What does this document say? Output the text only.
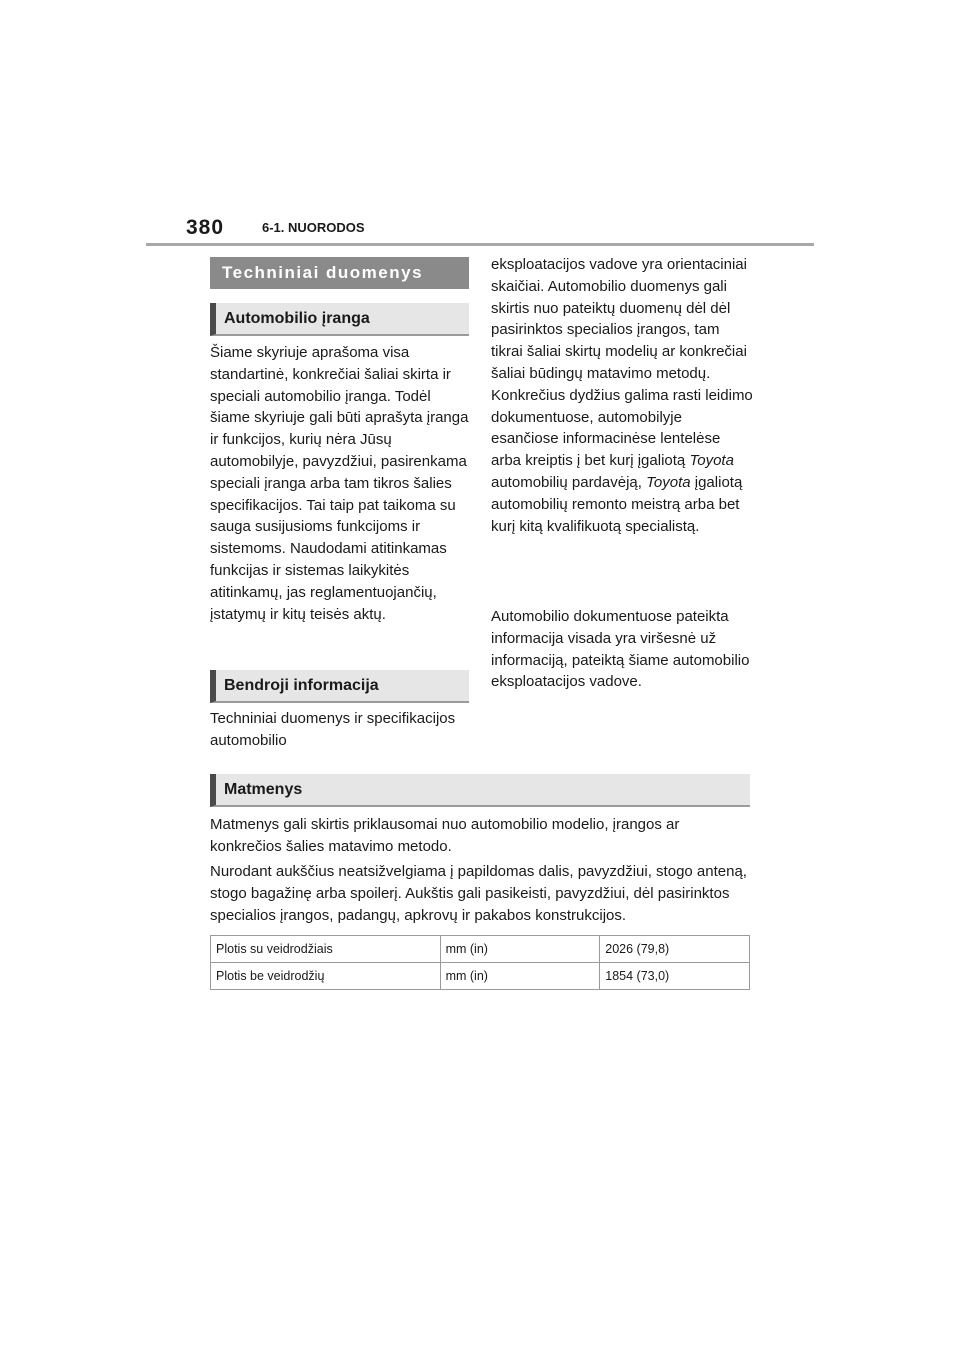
380	6-1. NUORODOS
Techniniai duomenys
Automobilio įranga

Šiame skyriuje aprašoma visa standartinė, konkrečiai šaliai skirta ir speciali automobilio įranga. Todėl šiame skyriuje gali būti aprašyta įranga ir funkcijos, kurių nėra Jūsų automobilyje, pavyzdžiui, pasirenkama speciali įranga arba tam tikros šalies specifikacijos. Tai taip pat taikoma su sauga susijusioms funkcijoms ir sistemoms. Naudodami atitinkamas funkcijas ir sistemas laikykitės atitinkamų, jas reglamentuojančių, įstatymų ir kitų teisės aktų.

Bendroji informacija

Techniniai duomenys ir specifikacijos automobilio

eksploatacijos vadove yra orientaciniai skaičiai. Automobilio duomenys gali skirtis nuo pateiktų duomenų dėl dėl pasirinktos specialios įrangos, tam tikrai šaliai skirtų modelių ar konkrečiai šaliai būdingų matavimo metodų. Konkrečius dydžius galima rasti leidimo dokumentuose, automobilyje esančiose informacinėse lentelėse arba kreiptis į bet kurį įgaliotą Toyota automobilių pardavėją, Toyota įgaliotą automobilių remonto meistrą arba bet kurį kitą kvalifikuotą specialistą.

Automobilio dokumentuose pateikta informacija visada yra viršesnė už informaciją, pateiktą šiame automobilio eksploatacijos vadove.

Matmenys

Matmenys gali skirtis priklausomai nuo automobilio modelio, įrangos ar konkrečios šalies matavimo metodo.

Nurodant aukščius neatsižvelgiama į papildomas dalis, pavyzdžiui, stogo anteną, stogo bagažinę arba spoilerį. Aukštis gali pasikeisti, pavyzdžiui, dėl pasirinktos specialios įrangos, padangų, apkrovų ir pakabos konstrukcijos.

Plotis su veidrodžiais	mm (in)	2026 (79,8)
Plotis be veidrodžių	mm (in)	1854 (73,0)
